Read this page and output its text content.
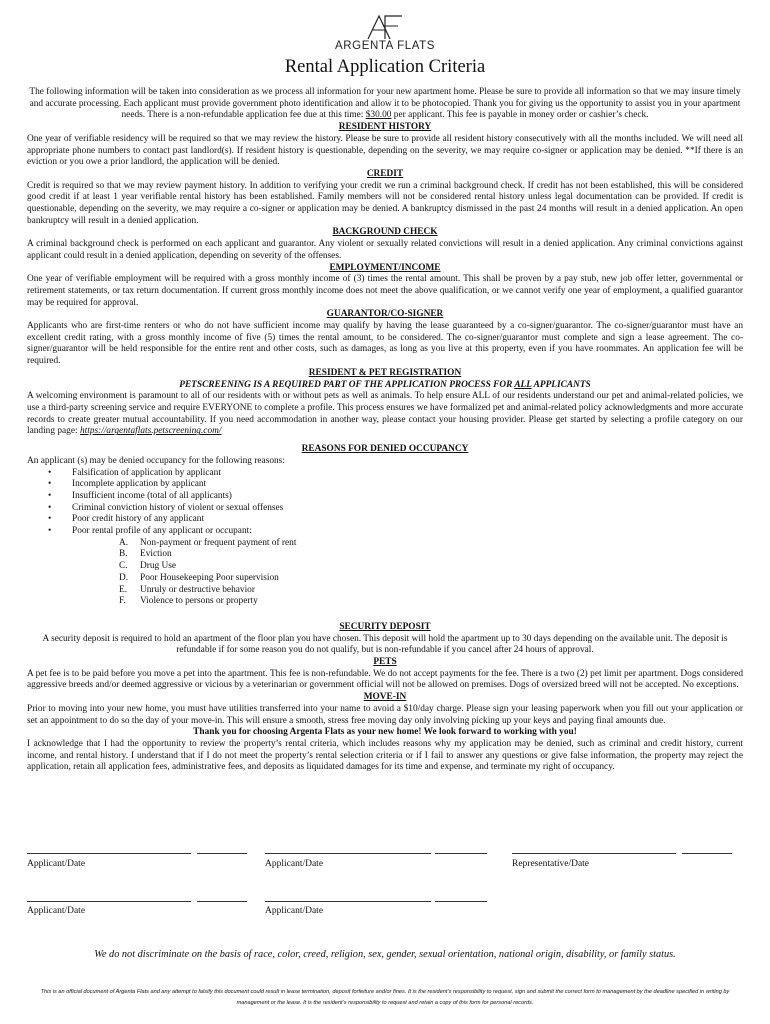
ARGENTA FLATS
Rental Application Criteria

The following information will be taken into consideration as we process all information for your new apartment home. Please be sure to provide all information so that we may insure timely and accurate processing. Each applicant must provide government photo identification and allow it to be photocopied. Thank you for giving us the opportunity to assist you in your apartment needs. There is a non-refundable application fee due at this time: $30.00 per applicant. This fee is payable in money order or cashier’s check.

RESIDENT HISTORY

One year of verifiable residency will be required so that we may review the history. Please be sure to provide all resident history consecutively with all the months included. We will need all appropriate phone numbers to contact past landlord(s). If resident history is questionable, depending on the severity, we may require co-signer or application may be denied. **If there is an eviction or you owe a prior landlord, the application will be denied.

CREDIT

Credit is required so that we may review payment history. In addition to verifying your credit we run a criminal background check. If credit has not been established, this will be considered good credit if at least 1 year verifiable rental history has been established. Family members will not be considered rental history unless legal documentation can be provided. If credit is questionable, depending on the severity, we may require a co-signer or application may be denied. A bankruptcy dismissed in the past 24 months will result in a denied application. An open bankruptcy will result in a denied application.

BACKGROUND CHECK

A criminal background check is performed on each applicant and guarantor. Any violent or sexually related convictions will result in a denied application. Any criminal convictions against applicant could result in a denied application, depending on severity of the offenses.

EMPLOYMENT/INCOME

One year of verifiable employment will be required with a gross monthly income of (3) times the rental amount. This shall be proven by a pay stub, new job offer letter, governmental or retirement statements, or tax return documentation. If current gross monthly income does not meet the above qualification, or we cannot verify one year of employment, a qualified guarantor may be required for approval.

GUARANTOR/CO-SIGNER

Applicants who are first-time renters or who do not have sufficient income may qualify by having the lease guaranteed by a co-signer/guarantor. The co-signer/guarantor must have an excellent credit rating, with a gross monthly income of five (5) times the rental amount, to be considered. The co-signer/guarantor must complete and sign a lease agreement. The co-signer/guarantor will be held responsible for the entire rent and other costs, such as damages, as long as you live at this property, even if you have roommates. An application fee will be required.

RESIDENT & PET REGISTRATION

PETSCREENING IS A REQUIRED PART OF THE APPLICATION PROCESS FOR ALL APPLICANTS

A welcoming environment is paramount to all of our residents with or without pets as well as animals. To help ensure ALL of our residents understand our pet and animal-related policies, we use a third-party screening service and require EVERYONE to complete a profile. This process ensures we have formalized pet and animal-related policy acknowledgments and more accurate records to create greater mutual accountability. If you need accommodation in another way, please contact your housing provider. Please get started by selecting a profile category on our landing page: https://argentaflats.petscreening.com/

REASONS FOR DENIED OCCUPANCY

An applicant (s) may be denied occupancy for the following reasons:

• Falsification of application by applicant
• Incomplete application by applicant
• Insufficient income (total of all applicants)
• Criminal conviction history of violent or sexual offenses
• Poor credit history of any applicant
• Poor rental profile of any applicant or occupant:
A. Non-payment or frequent payment of rent
B. Eviction
C. Drug Use
D. Poor Housekeeping Poor supervision
E. Unruly or destructive behavior
F. Violence to persons or property

SECURITY DEPOSIT

A security deposit is required to hold an apartment of the floor plan you have chosen. This deposit will hold the apartment up to 30 days depending on the available unit. The deposit is refundable if for some reason you do not qualify, but is non-refundable if you cancel after 24 hours of approval.

PETS

A pet fee is to be paid before you move a pet into the apartment. This fee is non-refundable. We do not accept payments for the fee. There is a two (2) pet limit per apartment. Dogs considered aggressive breeds and/or deemed aggressive or vicious by a veterinarian or government official will not be allowed on premises. Dogs of oversized breed will not be accepted. No exceptions.

MOVE-IN

Prior to moving into your new home, you must have utilities transferred into your name to avoid a $10/day charge. Please sign your leasing paperwork when you fill out your application or set an appointment to do so the day of your move-in. This will ensure a smooth, stress free moving day only involving picking up your keys and paying final amounts due.

Thank you for choosing Argenta Flats as your new home! We look forward to working with you!

I acknowledge that I had the opportunity to review the property’s rental criteria, which includes reasons why my application may be denied, such as criminal and credit history, current income, and rental history. I understand that if I do not meet the property’s rental selection criteria or if I fail to answer any questions or give false information, the property may reject the application, retain all application fees, administrative fees, and deposits as liquidated damages for its time and expense, and terminate my right of occupancy.

Applicant/Date	Applicant/Date	Representative/Date
Applicant/Date	Applicant/Date
We do not discriminate on the basis of race, color, creed, religion, sex, gender, sexual orientation, national origin, disability, or family status.
This is an official document of Argenta Flats and any attempt to falsify this document could result in lease termination, deposit forfeiture and/or fines. It is the resident’s responsibility to request, sign and submit the correct form to management by the deadline specified in writing by management or the lease. It is the resident’s responsibility to request and retain a copy of this form for personal records.
